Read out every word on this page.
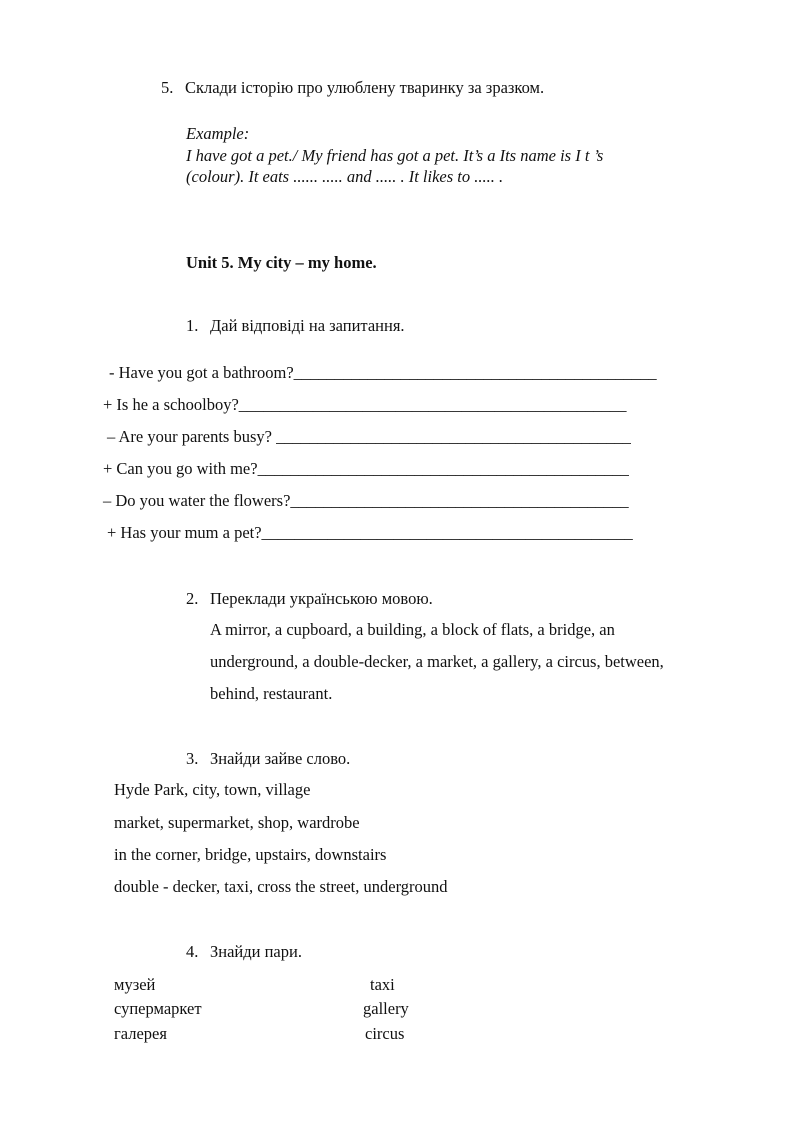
5. Склади історію про улюблену тваринку за зразком.
Example:
I have got a pet./ My friend has got a pet. It’s a Its name is I t ’s
(colour). It eats ...... ..... and ..... . It likes to ..... .
Unit 5. My city – my home.
1. Дай відповіді на запитання.
- Have you got a bathroom?____________________________________________
+ Is he a schoolboy?_______________________________________________
– Are your parents busy? ___________________________________________
+ Can you go with me?_____________________________________________
– Do you water the flowers?_________________________________________
+ Has your mum a pet?_____________________________________________
2. Переклади українською мовою.
A mirror, a cupboard, a building, a block of flats, a bridge, an
underground, a double-decker, a market, a gallery, a circus, between,
behind, restaurant.
3. Знайди зайве слово.
Hyde Park, city, town, village
market, supermarket, shop, wardrobe
in the corner, bridge, upstairs, downstairs
double - decker, taxi, cross the street, underground
4. Знайди пари.
музей
супермаркет
галерея
taxi
gallery
circus
